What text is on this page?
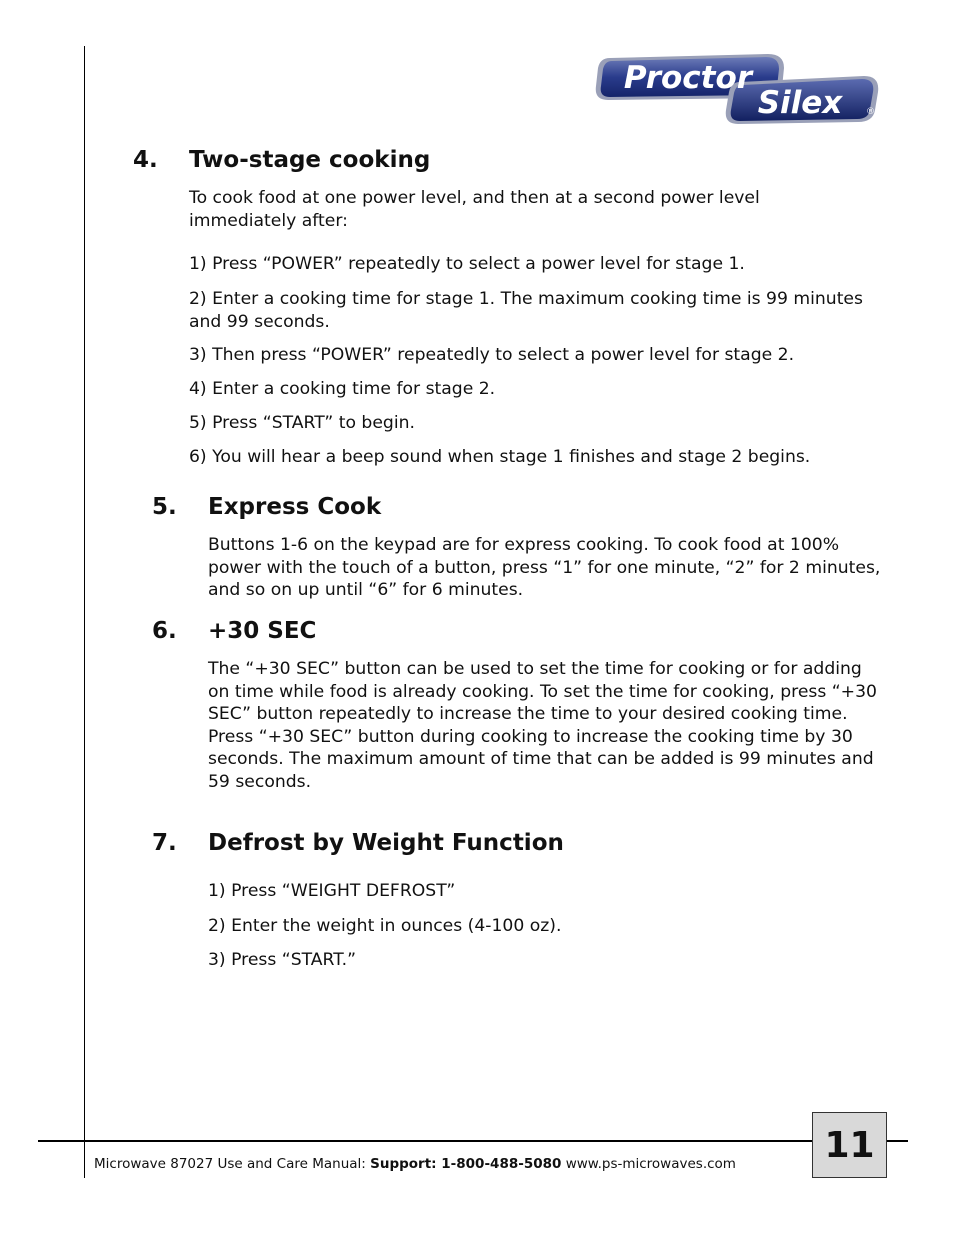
Proctor
Silex	®
4. Two-stage cooking

To cook food at one power level, and then at a second power level immediately after:

1) Press “POWER” repeatedly to select a power level for stage 1.

2) Enter a cooking time for stage 1. The maximum cooking time is 99 minutes and 99 seconds.

3) Then press “POWER” repeatedly to select a power level for stage 2.

4) Enter a cooking time for stage 2.

5) Press “START” to begin.

6) You will hear a beep sound when stage 1 finishes and stage 2 begins.

5. Express Cook

Buttons 1-6 on the keypad are for express cooking. To cook food at 100% power with the touch of a button, press “1” for one minute, “2” for 2 minutes, and so on up until “6” for 6 minutes.

6. +30 SEC

The “+30 SEC” button can be used to set the time for cooking or for adding on time while food is already cooking. To set the time for cooking, press “+30 SEC” button repeatedly to increase the time to your desired cooking time. Press “+30 SEC” button during cooking to increase the cooking time by 30 seconds. The maximum amount of time that can be added is 99 minutes and 59 seconds.

7. Defrost by Weight Function

1) Press “WEIGHT DEFROST”

2) Enter the weight in ounces (4-100 oz).

3) Press “START.”

Microwave 87027 Use and Care Manual: Support: 1-800-488-5080 www.ps-microwaves.com	11
